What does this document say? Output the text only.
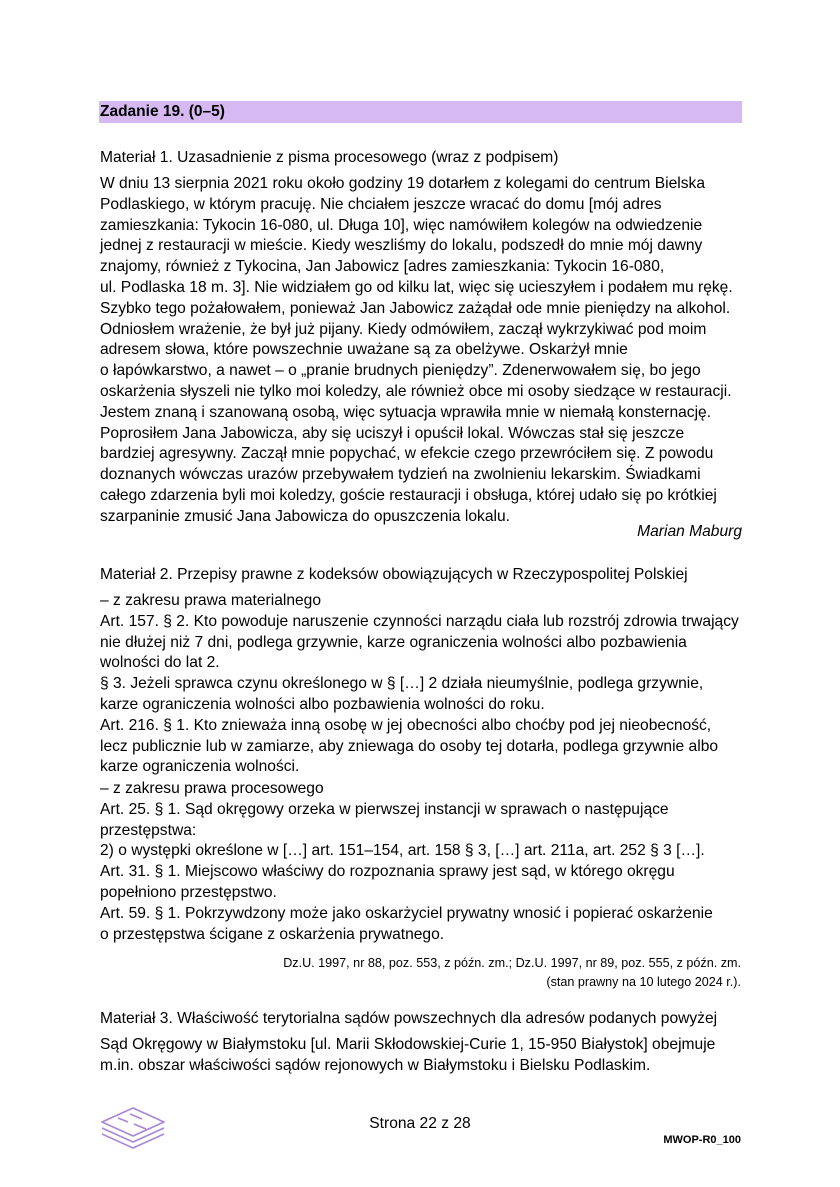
Zadanie 19. (0–5)
Materiał 1. Uzasadnienie z pisma procesowego (wraz z podpisem)
W dniu 13 sierpnia 2021 roku około godziny 19 dotarłem z kolegami do centrum Bielska
Podlaskiego, w którym pracuję. Nie chciałem jeszcze wracać do domu [mój adres
zamieszkania: Tykocin 16-080, ul. Długa 10], więc namówiłem kolegów na odwiedzenie
jednej z restauracji w mieście. Kiedy weszliśmy do lokalu, podszedł do mnie mój dawny
znajomy, również z Tykocina, Jan Jabowicz [adres zamieszkania: Tykocin 16-080,
ul. Podlaska 18 m. 3]. Nie widziałem go od kilku lat, więc się ucieszyłem i podałem mu rękę.
Szybko tego pożałowałem, ponieważ Jan Jabowicz zażądał ode mnie pieniędzy na alkohol.
Odniosłem wrażenie, że był już pijany. Kiedy odmówiłem, zaczął wykrzykiwać pod moim
adresem słowa, które powszechnie uważane są za obelżywe. Oskarżył mnie
o łapówkarstwo, a nawet – o „pranie brudnych pieniędzy”. Zdenerwowałem się, bo jego
oskarżenia słyszeli nie tylko moi koledzy, ale również obce mi osoby siedzące w restauracji.
Jestem znaną i szanowaną osobą, więc sytuacja wprawiła mnie w niemałą konsternację.
Poprosiłem Jana Jabowicza, aby się uciszył i opuścił lokal. Wówczas stał się jeszcze
bardziej agresywny. Zaczął mnie popychać, w efekcie czego przewróciłem się. Z powodu
doznanych wówczas urazów przebywałem tydzień na zwolnieniu lekarskim. Świadkami
całego zdarzenia byli moi koledzy, goście restauracji i obsługa, której udało się po krótkiej
szarpaninie zmusić Jana Jabowicza do opuszczenia lokalu.
Marian Maburg
Materiał 2. Przepisy prawne z kodeksów obowiązujących w Rzeczypospolitej Polskiej
– z zakresu prawa materialnego
Art. 157. § 2. Kto powoduje naruszenie czynności narządu ciała lub rozstrój zdrowia trwający
nie dłużej niż 7 dni, podlega grzywnie, karze ograniczenia wolności albo pozbawienia
wolności do lat 2.
§ 3. Jeżeli sprawca czynu określonego w § […] 2 działa nieumyślnie, podlega grzywnie,
karze ograniczenia wolności albo pozbawienia wolności do roku.
Art. 216. § 1. Kto znieważa inną osobę w jej obecności albo choćby pod jej nieobecność,
lecz publicznie lub w zamiarze, aby zniewaga do osoby tej dotarła, podlega grzywnie albo
karze ograniczenia wolności.
– z zakresu prawa procesowego
Art. 25. § 1. Sąd okręgowy orzeka w pierwszej instancji w sprawach o następujące
przestępstwa:
2) o występki określone w […] art. 151–154, art. 158 § 3, […] art. 211a, art. 252 § 3 […].
Art. 31. § 1. Miejscowo właściwy do rozpoznania sprawy jest sąd, w którego okręgu
popełniono przestępstwo.
Art. 59. § 1. Pokrzywdzony może jako oskarżyciel prywatny wnosić i popierać oskarżenie
o przestępstwa ścigane z oskarżenia prywatnego.
Dz.U. 1997, nr 88, poz. 553, z późn. zm.; Dz.U. 1997, nr 89, poz. 555, z późn. zm.
(stan prawny na 10 lutego 2024 r.).
Materiał 3. Właściwość terytorialna sądów powszechnych dla adresów podanych powyżej
Sąd Okręgowy w Białymstoku [ul. Marii Skłodowskiej-Curie 1, 15-950 Białystok] obejmuje
m.in. obszar właściwości sądów rejonowych w Białymstoku i Bielsku Podlaskim.
Strona 22 z 28
MWOP-R0_100
